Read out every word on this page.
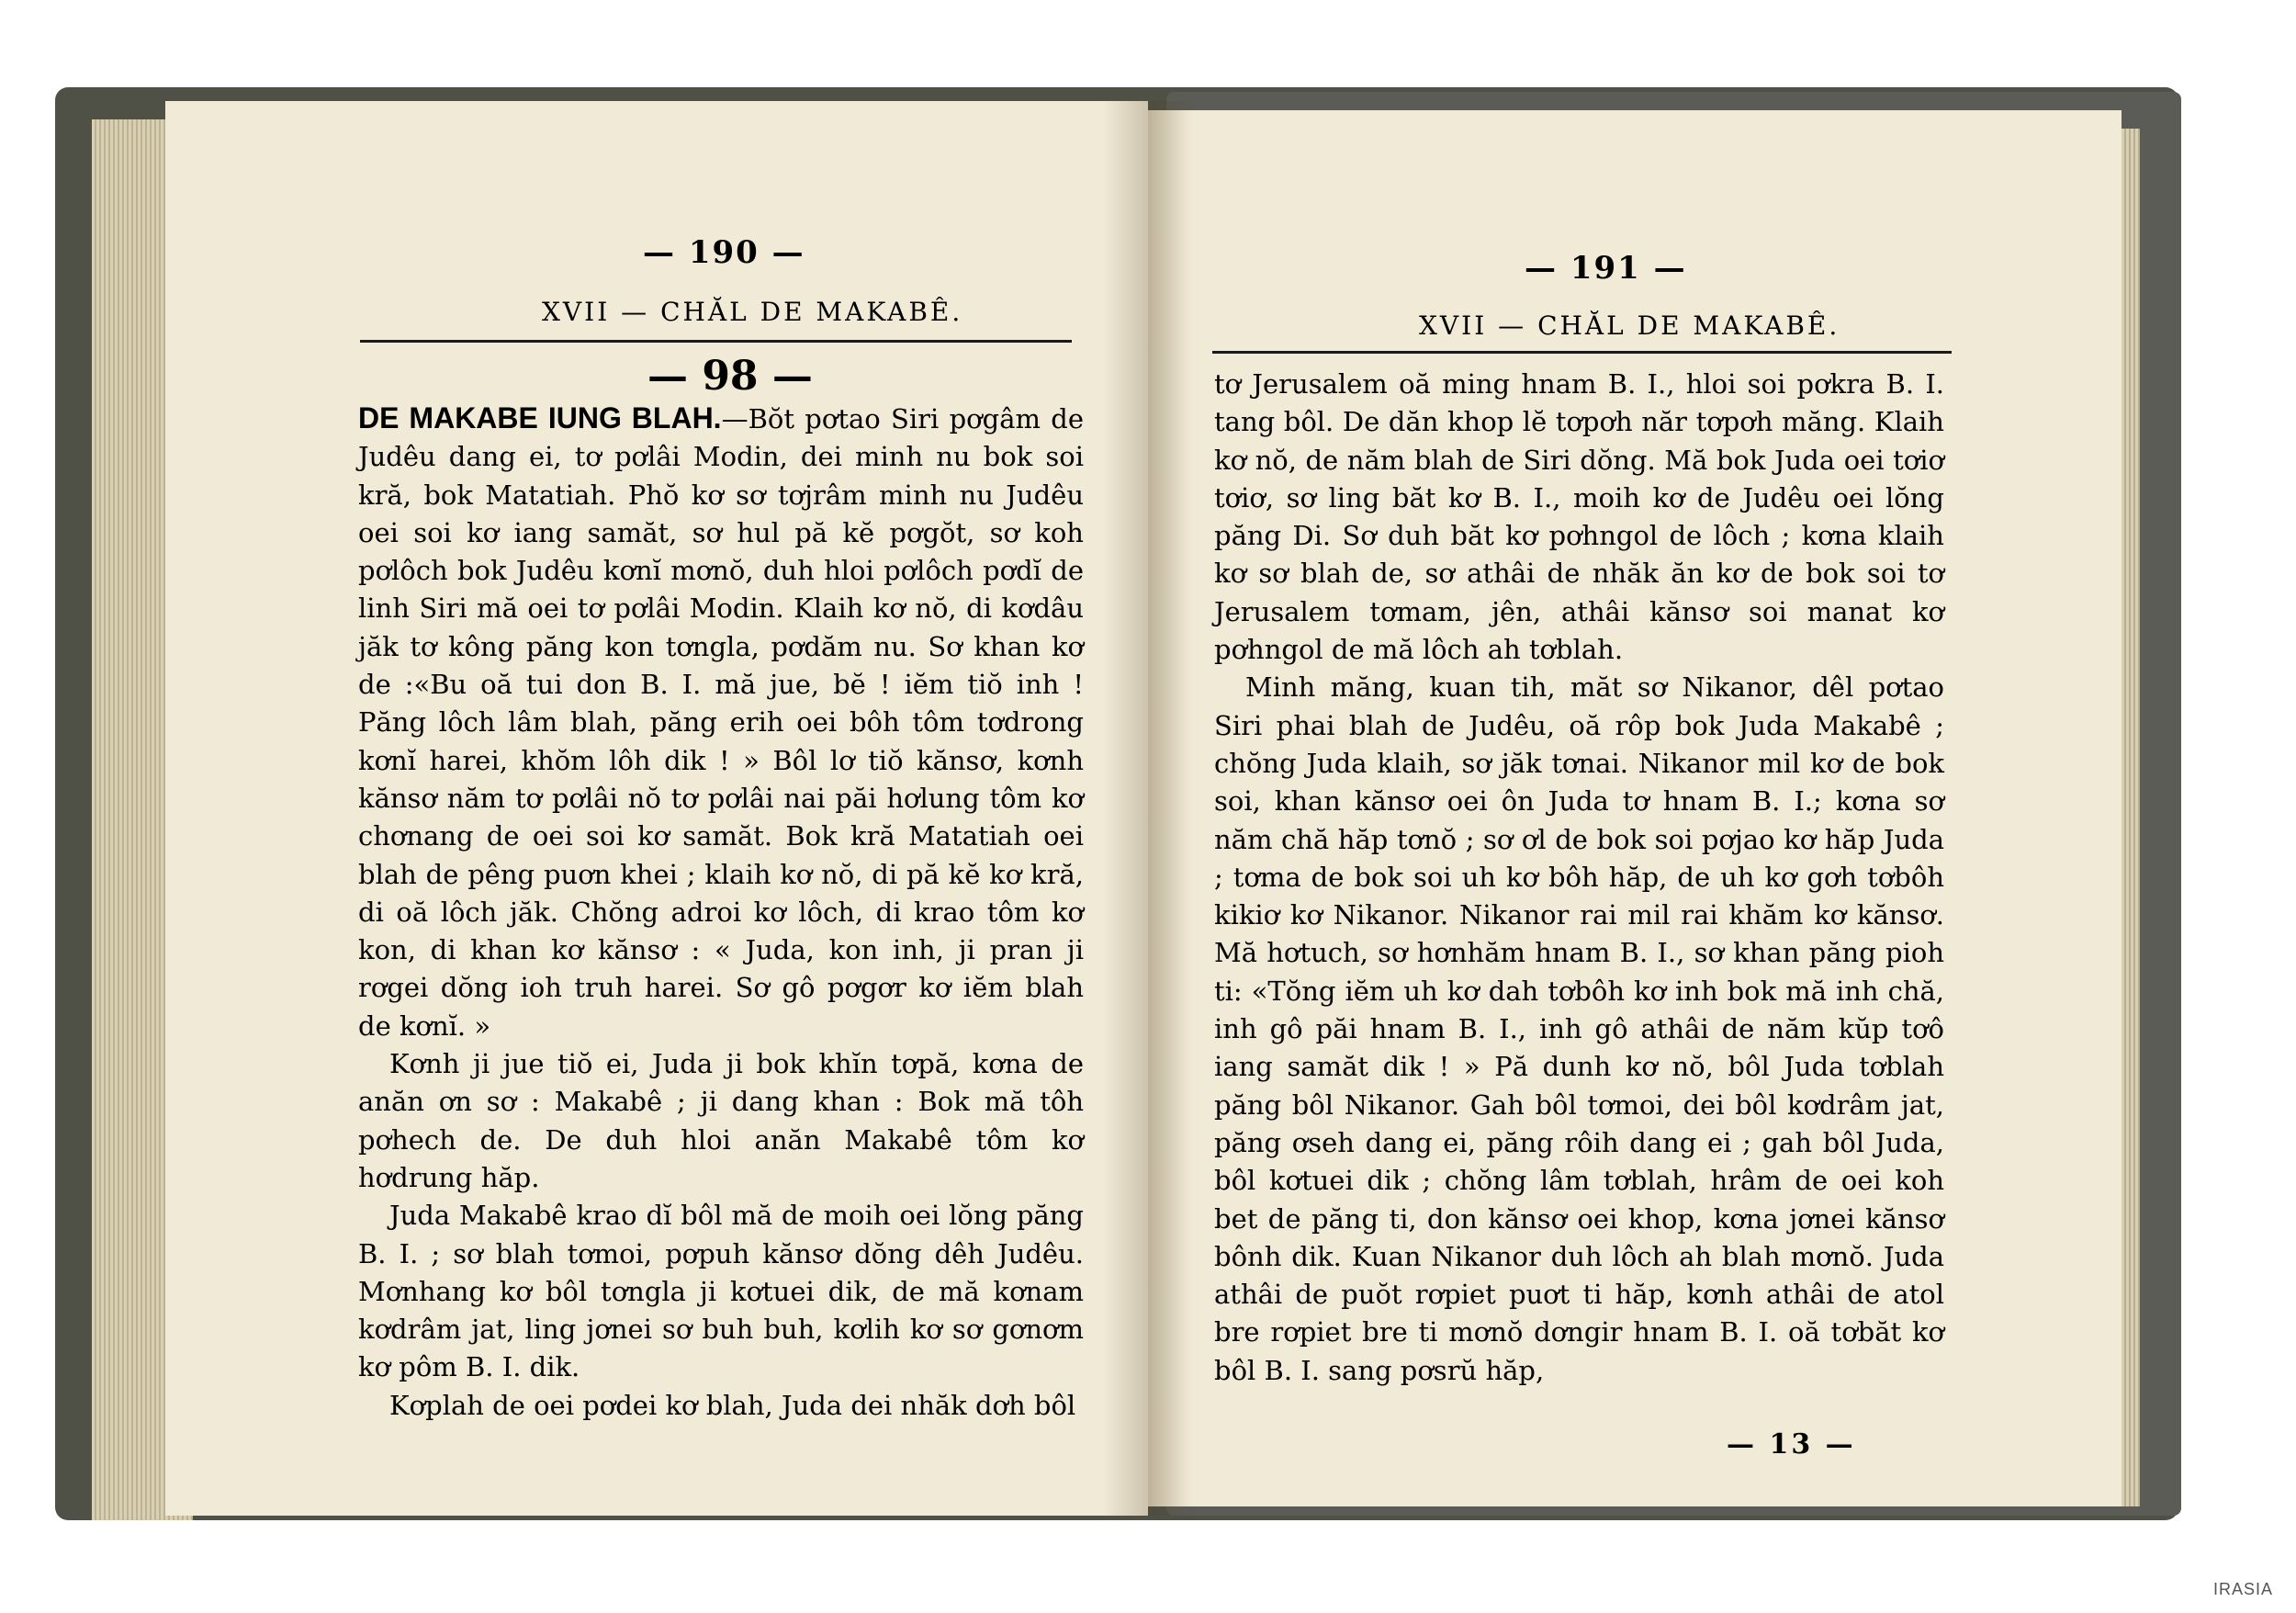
— 190 —
XVII — CHĂL DE MAKABÊ.
— 98 —

DE MAKABE IUNG BLAH.—Bŏt pơtao Siri pơgâm de Judêu dang ei, tơ pơlâi Modin, dei minh nu bok soi kră, bok Matatiah. Phŏ kơ sơ tơjrâm minh nu Judêu oei soi kơ iang samăt, sơ hul pă kĕ pơgŏt, sơ koh pơlôch bok Judêu kơnĭ mơnŏ, duh hloi pơlôch pơdĭ de linh Siri mă oei tơ pơlâi Modin. Klaih kơ nŏ, di kơdâu jăk tơ kông păng kon tơngla, pơdăm nu. Sơ khan kơ de :«Bu oă tui don B. I. mă jue, bĕ ! iĕm tiŏ inh ! Păng lôch lâm blah, păng erih oei bôh tôm tơdrong kơnĭ harei, khŏm lôh dik ! » Bôl lơ tiŏ kănsơ, kơnh kănsơ năm tơ pơlâi nŏ tơ pơlâi nai păi hơlung tôm kơ chơnang de oei soi kơ samăt. Bok kră Matatiah oei blah de pêng puơn khei ; klaih kơ nŏ, di pă kĕ kơ kră, di oă lôch jăk. Chŏng adroi kơ lôch, di krao tôm kơ kon, di khan kơ kănsơ : « Juda, kon inh, ji pran ji rơgei dŏng ioh truh harei. Sơ gô pơgơr kơ iĕm blah de kơnĭ. »

Kơnh ji jue tiŏ ei, Juda ji bok khĭn tơpă, kơna de anăn ơn sơ : Makabê ; ji dang khan : Bok mă tôh pơhech de. De duh hloi anăn Makabê tôm kơ hơdrung hăp.

Juda Makabê krao dĭ bôl mă de moih oei lŏng păng B. I. ; sơ blah tơmoi, pơpuh kănsơ dŏng dêh Judêu. Mơnhang kơ bôl tơngla ji kơtuei dik, de mă kơnam kơdrâm jat, ling jơnei sơ buh buh, kơlih kơ sơ gơnơm kơ pôm B. I. dik.

Kơplah de oei pơdei kơ blah, Juda dei nhăk dơh bôl

— 191 —
XVII — CHĂL DE MAKABÊ.

tơ Jerusalem oă ming hnam B. I., hloi soi pơkra B. I. tang bôl. De dăn khop lĕ tơpơh năr tơpơh măng. Klaih kơ nŏ, de năm blah de Siri dŏng. Mă bok Juda oei tơiơ tơiơ, sơ ling băt kơ B. I., moih kơ de Judêu oei lŏng păng Di. Sơ duh băt kơ pơhngol de lôch ; kơna klaih kơ sơ blah de, sơ athâi de nhăk ăn kơ de bok soi tơ Jerusalem tơmam, jên, athâi kănsơ soi manat kơ pơhngol de mă lôch ah tơblah.

Minh măng, kuan tih, măt sơ Nikanor, dêl pơtao Siri phai blah de Judêu, oă rôp bok Juda Makabê ; chŏng Juda klaih, sơ jăk tơnai. Nikanor mil kơ de bok soi, khan kănsơ oei ôn Juda tơ hnam B. I.; kơna sơ năm chă hăp tơnŏ ; sơ ơl de bok soi pơjao kơ hăp Juda ; tơma de bok soi uh kơ bôh hăp, de uh kơ gơh tơbôh kikiơ kơ Nikanor. Nikanor rai mil rai khăm kơ kănsơ. Mă hơtuch, sơ hơnhăm hnam B. I., sơ khan păng pioh ti: «Tŏng iĕm uh kơ dah tơbôh kơ inh bok mă inh chă, inh gô păi hnam B. I., inh gô athâi de năm kŭp tơô iang samăt dik ! » Pă dunh kơ nŏ, bôl Juda tơblah păng bôl Nikanor. Gah bôl tơmoi, dei bôl kơdrâm jat, păng ơseh dang ei, păng rôih dang ei ; gah bôl Juda, bôl kơtuei dik ; chŏng lâm tơblah, hrâm de oei koh bet de păng ti, don kănsơ oei khop, kơna jơnei kănsơ bônh dik. Kuan Nikanor duh lôch ah blah mơnŏ. Juda athâi de puŏt rơpiet puơt ti hăp, kơnh athâi de atol bre rơpiet bre ti mơnŏ dơngir hnam B. I. oă tơbăt kơ bôl B. I. sang pơsrŭ hăp,

— 13 —
IRASIA
